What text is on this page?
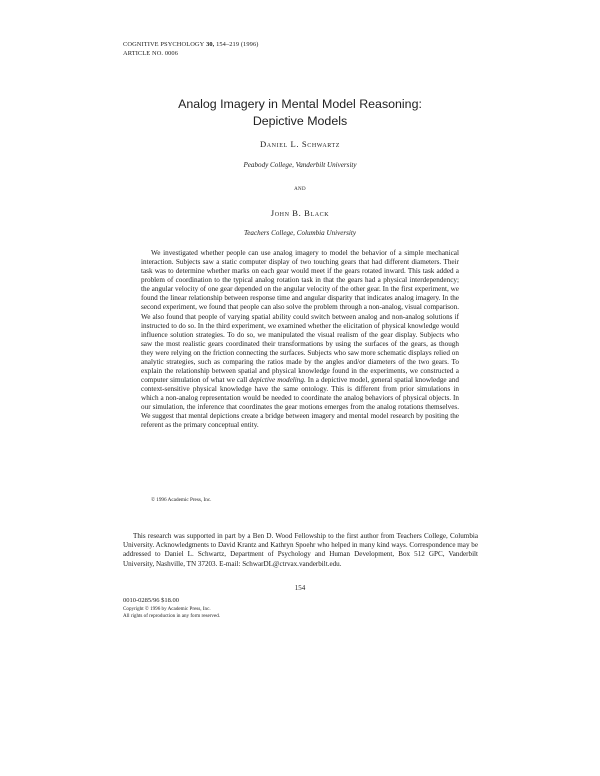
COGNITIVE PSYCHOLOGY 30, 154–219 (1996)
ARTICLE NO. 0006
Analog Imagery in Mental Model Reasoning:
Depictive Models
Daniel L. Schwartz
Peabody College, Vanderbilt University
and
John B. Black
Teachers College, Columbia University

We investigated whether people can use analog imagery to model the behavior of a simple mechanical interaction. Subjects saw a static computer display of two touching gears that had different diameters. Their task was to determine whether marks on each gear would meet if the gears rotated inward. This task added a problem of coordination to the typical analog rotation task in that the gears had a physical interdependency; the angular velocity of one gear depended on the angular velocity of the other gear. In the first experiment, we found the linear relationship between response time and angular disparity that indicates analog imagery. In the second experiment, we found that people can also solve the problem through a non-analog, visual comparison. We also found that people of varying spatial ability could switch between analog and non-analog solutions if instructed to do so. In the third experiment, we examined whether the elicitation of physical knowledge would influence solution strategies. To do so, we manipulated the visual realism of the gear display. Subjects who saw the most realistic gears coordinated their transformations by using the surfaces of the gears, as though they were relying on the friction connecting the surfaces. Subjects who saw more schematic displays relied on analytic strategies, such as comparing the ratios made by the angles and/or diameters of the two gears. To explain the relationship between spatial and physical knowledge found in the experiments, we constructed a computer simulation of what we call depictive modeling. In a depictive model, general spatial knowledge and context-sensitive physical knowledge have the same ontology. This is different from prior simulations in which a non-analog representation would be needed to coordinate the analog behaviors of physical objects. In our simulation, the inference that coordinates the gear motions emerges from the analog rotations themselves. We suggest that mental depictions create a bridge between imagery and mental model research by positing the referent as the primary conceptual entity.

© 1996 Academic Press, Inc.

This research was supported in part by a Ben D. Wood Fellowship to the first author from Teachers College, Columbia University. Acknowledgments to David Krantz and Kathryn Spoehr who helped in many kind ways. Correspondence may be addressed to Daniel L. Schwartz, Department of Psychology and Human Development, Box 512 GPC, Vanderbilt University, Nashville, TN 37203. E-mail: SchwarDL@ctrvax.vanderbilt.edu.

154
0010-0285/96 $18.00
Copyright © 1996 by Academic Press, Inc.
All rights of reproduction in any form reserved.
